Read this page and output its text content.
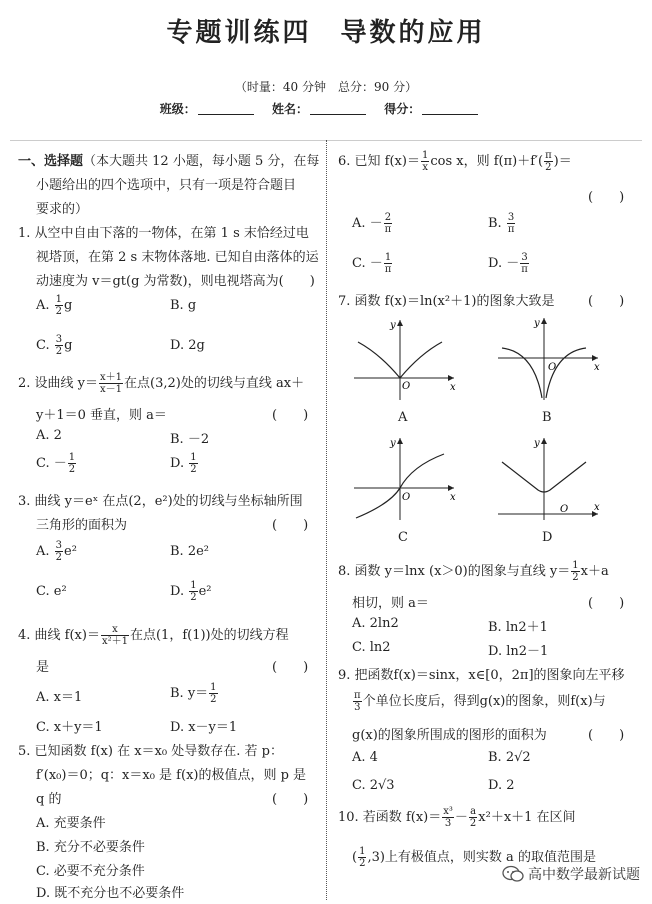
专题训练四　导数的应用
（时量：40 分钟　总分：90 分）
班级：	姓名：	得分：
一、选择题（本大题共 12 小题，每小题 5 分，在每
小题给出的四个选项中，只有一项是符合题目
要求的）
1. 从空中自由下落的一物体，在第 1 s 末恰经过电
视塔顶，在第 2 s 末物体落地. 已知自由落体的运
动速度为 v＝gt(g 为常数)，则电视塔高为(　　)
A. $\frac{1}{2}$ g	B. g
C. $\frac{3}{2}$ g	D. 2g
2. 设曲线 $y= \frac{x+1}{x-1}$ 在点(3,2)处的切线与直线 ax＋
y＋1＝0 垂直，则 a＝	(　　)
A. 2	B. －2
C. － $\frac{1}{2}$	D. $\frac{1}{2}$
3. 曲线 y＝eˣ 在点(2，e²)处的切线与坐标轴所围
三角形的面积为	(　　)
A. $\frac{3}{2} e^2$	B. 2e²
C. e²	D. $\frac{1}{2} e^2$
4. 曲线 $f(x)= \frac{x}{\text{x²＋1}}$ 在点(1，f(1))处的切线方程
是	(　　)
A. x＝1	B. $y= \frac{1}{2}$
C. x＋y＝1	D. x－y＝1
5. 已知函数 f(x) 在 x＝x₀ 处导数存在. 若 p：
f′(x₀)＝0；q：x＝x₀ 是 f(x)的极值点，则 p 是
q 的	(　　)
A. 充要条件
B. 充分不必要条件
C. 必要不充分条件
D. 既不充分也不必要条件
6. 已知 $f(x)= \frac{1}{x}$ cos x，则 $f(\pi)+f'( \frac{\pi}{2}$ )＝
(　　)
A. － $\frac{2}{\pi}$	B. $\frac{3}{\pi}$
C. － $\frac{1}{\pi}$	D. － $\frac{3}{\pi}$
7. 函数 f(x)＝ln(x²＋1)的图象大致是	(　　)
y
x
O
A
y
x
O
B
y
x
O
C
y
x
O
D
8. 函数 y＝lnx (x＞0)的图象与直线 $y= \frac{1}{2} x+a$
相切，则 a＝	(　　)
A. 2ln2	B. ln2＋1
C. ln2	D. ln2－1
9. 把函数f(x)＝sinx，x∈[0，2π]的图象向左平移
$\frac{\pi}{3}$ 个单位长度后，得到g(x)的图象，则f(x)与
g(x)的图象所围成的图形的面积为	(　　)
A. 4	B. 2√2
C. 2√3	D. 2
10. 若函数 $f(x)= \frac{\text{x³}}{3} - \frac{a}{2} x^2+x+1$ 在区间
( $\frac{1}{2} ,3$)上有极值点，则实数 a 的取值范围是
高中数学最新试题
